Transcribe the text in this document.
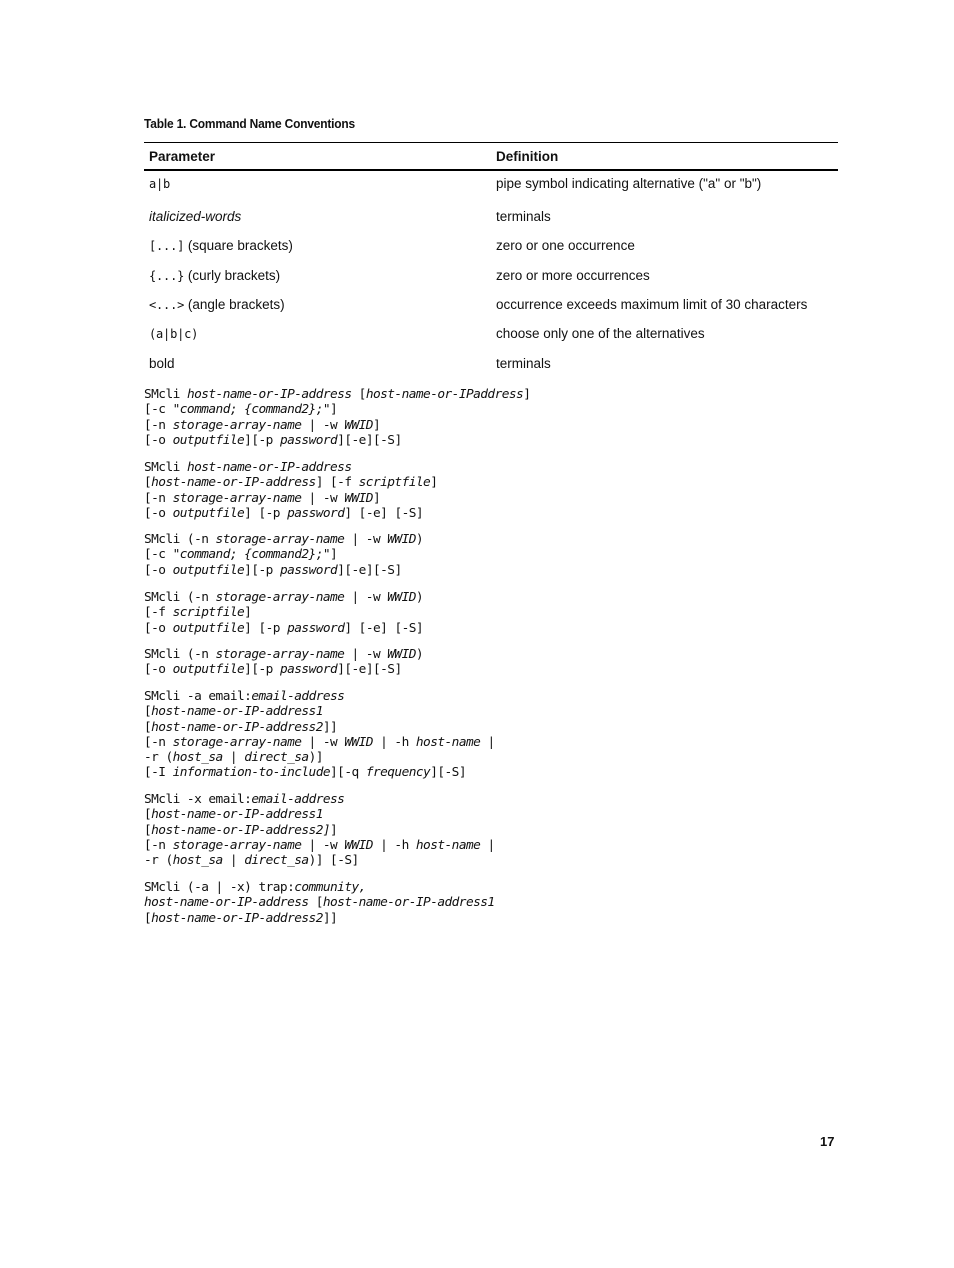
Table 1. Command Name Conventions
Parameter	Definition
a|b	pipe symbol indicating alternative ("a" or "b")
italicized-words	terminals
[...] (square brackets)	zero or one occurrence
{...} (curly brackets)	zero or more occurrences
<...> (angle brackets)	occurrence exceeds maximum limit of 30 characters
(a|b|c)	choose only one of the alternatives
bold	terminals
SMcli host-name-or-IP-address [host-name-or-IPaddress]
[-c "command; {command2};"]
[-n storage-array-name | -w WWID]
[-o outputfile][-p password][-e][-S]
SMcli host-name-or-IP-address
[host-name-or-IP-address] [-f scriptfile]
[-n storage-array-name | -w WWID]
[-o outputfile] [-p password] [-e] [-S]
SMcli (-n storage-array-name | -w WWID)
[-c "command; {command2};"]
[-o outputfile][-p password][-e][-S]
SMcli (-n storage-array-name | -w WWID)
[-f scriptfile]
[-o outputfile] [-p password] [-e] [-S]
SMcli (-n storage-array-name | -w WWID)
[-o outputfile][-p password][-e][-S]
SMcli -a email:email-address
[host-name-or-IP-address1
[host-name-or-IP-address2]]
[-n storage-array-name | -w WWID | -h host-name |
-r (host_sa | direct_sa)]
[-I information-to-include][-q frequency][-S]
SMcli -x email:email-address
[host-name-or-IP-address1
[host-name-or-IP-address2]]
[-n storage-array-name | -w WWID | -h host-name |
-r (host_sa | direct_sa)] [-S]
SMcli (-a | -x) trap:community,
host-name-or-IP-address [host-name-or-IP-address1
[host-name-or-IP-address2]]
17
